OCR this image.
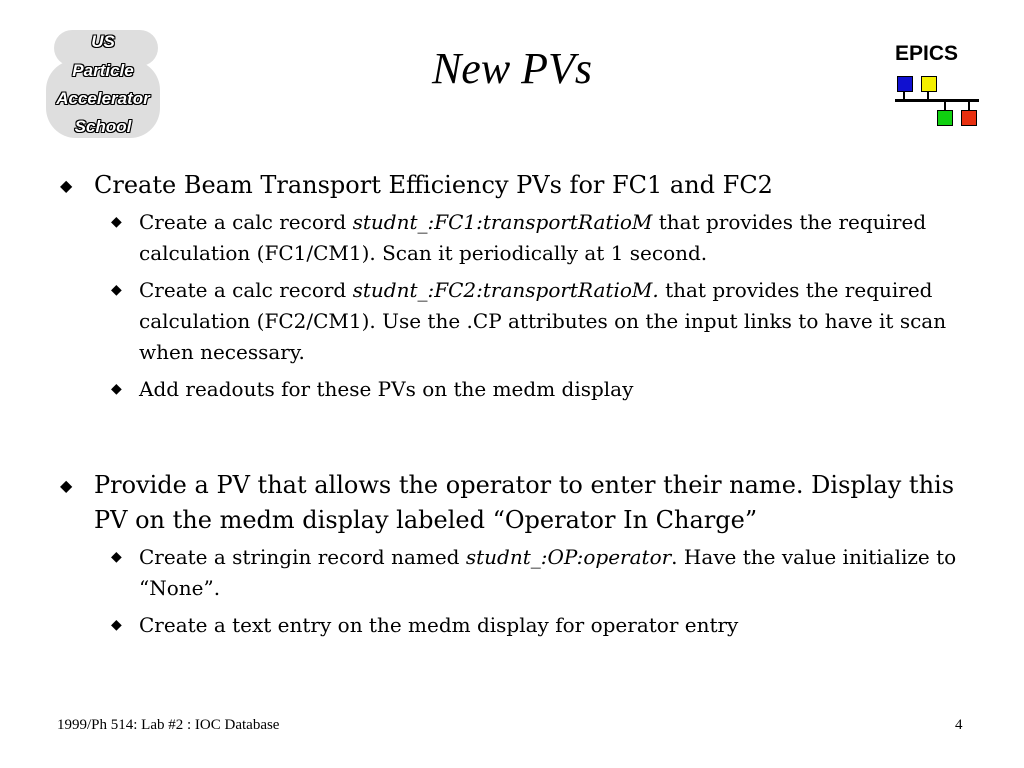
US
Particle
Accelerator
School
New PVs	EPICS
◆ Create Beam Transport Efficiency PVs for FC1 and FC2
◆ Create a calc record studnt_:FC1:transportRatioM that provides the required calculation (FC1/CM1). Scan it periodically at 1 second.
◆ Create a calc record studnt_:FC2:transportRatioM. that provides the required calculation (FC2/CM1). Use the .CP attributes on the input links to have it scan when necessary.
◆ Add readouts for these PVs on the medm display
◆ Provide a PV that allows the operator to enter their name. Display this PV on the medm display labeled “Operator In Charge”
◆ Create a stringin record named studnt_:OP:operator. Have the value initialize to “None”.
◆ Create a text entry on the medm display for operator entry
1999/Ph 514: Lab #2 : IOC Database	4
